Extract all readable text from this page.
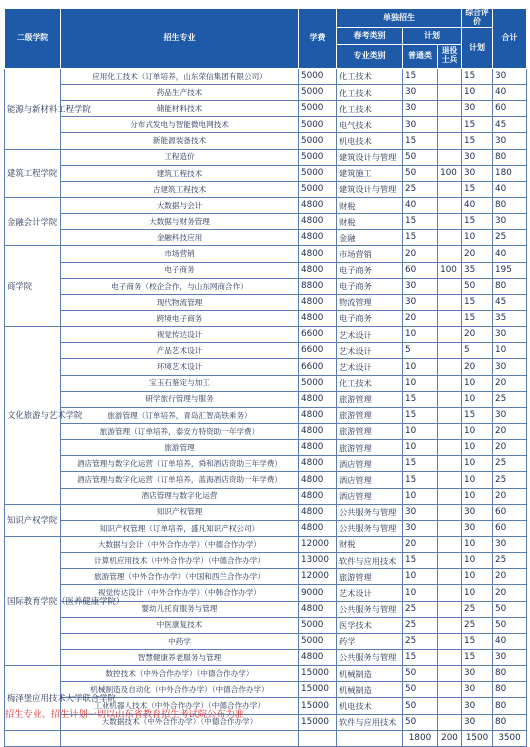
二级学院	招生专业	学费	单独招生			综合评价	合计
			春考类别	计划		计划	
			专业类别	普通类	退役士兵		
能源与新材料工程学院	应用化工技术（订单培养，山东荣信集团有限公司）	5000	化工技术	15		15	30
	药品生产技术	5000	化工技术	30		10	40
	储能材料技术	5000	化工技术	30		30	60
	分布式发电与智能微电网技术	5000	电气技术	30		15	45
	新能源装备技术	5000	机电技术	15		15	30
建筑工程学院	工程造价	5000	建筑设计与管理	50		30	80
	建筑工程技术	5000	建筑施工	50	100	30	180
	古建筑工程技术	5000	建筑设计与管理	25		15	40
金融会计学院	大数据与会计	4800	财税	40		40	80
	大数据与财务管理	4800	财税	15		15	30
	金融科技应用	4800	金融	15		10	25
商学院	市场营销	4800	市场营销	20		20	40
	电子商务	4800	电子商务	60	100	35	195
	电子商务（校企合作，与山东网商合作）	8800	电子商务	30		50	80
	现代物流管理	4800	物流管理	30		15	45
	跨境电子商务	4800	电子商务	20		15	35
文化旅游与艺术学院	视觉传达设计	6600	艺术设计	10		20	30
	产品艺术设计	6600	艺术设计	5		5	10
	环境艺术设计	6600	艺术设计	10		20	30
	宝玉石鉴定与加工	5000	化工技术	10		10	20
	研学旅行管理与服务	4800	旅游管理	15		10	25
	旅游管理（订单培养，青岛汇智高铁乘务）	4800	旅游管理	15		15	30
	旅游管理（订单培养，泰安方特资助一年学费）	4800	旅游管理	10		10	20
	旅游管理	4800	旅游管理	10		10	20
	酒店管理与数字化运营（订单培养，舜和酒店资助三年学费）	4800	酒店管理	15		10	25
	酒店管理与数字化运营（订单培养，蓝海酒店资助一年学费）	4800	酒店管理	15		10	25
	酒店管理与数字化运营	4800	酒店管理	10		10	20
知识产权学院	知识产权管理	4800	公共服务与管理	30		30	60
	知识产权管理（订单培养，盛凡知识产权公司）	4800	公共服务与管理	30		30	60
国际教育学院（医养健康学院）	大数据与会计（中外合作办学）（中德合作办学）	12000	财税	20		10	30
	计算机应用技术（中外合作办学）（中德合作办学）	13000	软件与应用技术	15		10	25
	旅游管理（中外合作办学）（中国和西兰合作办学）	12000	旅游管理	10		10	20
	视觉传达设计（中外合作办学）（中韩合作办学）	9000	艺术设计	10		10	20
	婴幼儿托育服务与管理	4800	公共服务与管理	25		25	50
	中医康复技术	5000	医学技术	25		25	50
	中药学	5000	药学	25		15	40
	智慧健康养老服务与管理	4800	公共服务与管理	15		15	30
梅泽堡应用技术大学联合学院	数控技术（中外合作办学）（中德合作办学）	15000	机械制造	50		30	80
	机械制造及自动化（中外合作办学）（中德合作办学）	15000	机械制造	50		30	80
	工业机器人技术（中外合作办学）（中德合作办学）	15000	机电技术	50		30	80
	大数据技术（中外合作办学）（中德合作办学）	15000	软件与应用技术	50		30	80
				1800	200	1500	3500
招生专业、招生计划一切以山东省教育招生考试院公布为准
